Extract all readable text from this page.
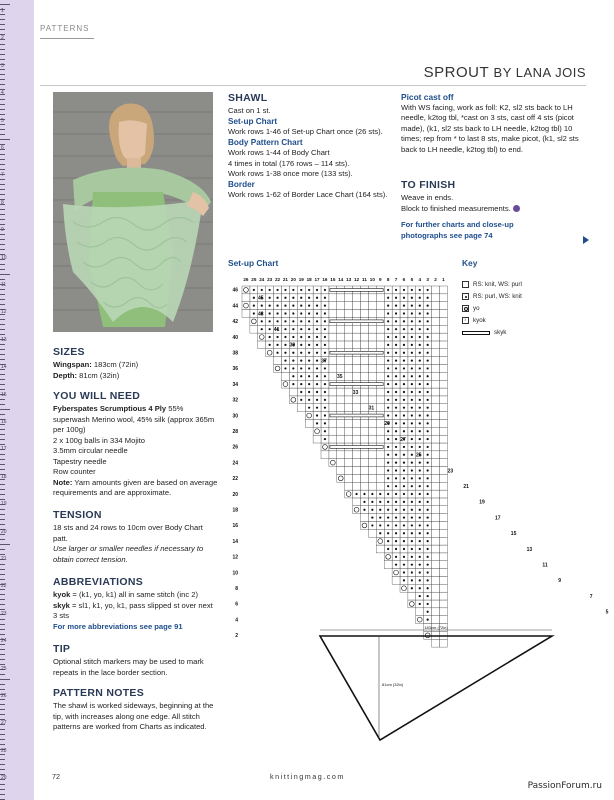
1
2
3
4
5
6
7
8
9
10
11
12
13
14
15
16
17
18
19
20
21
22
23
24
25
26
27
28
29
PATTERNS
SPROUT BY LANA JOIS
SIZES

Wingspan: 183cm (72in)

Depth: 81cm (32in)

YOU WILL NEED

Fyberspates Scrumptious 4 Ply 55% superwash Merino wool, 45% silk (approx 365m per 100g)

2 x 100g balls in 334 Mojito

3.5mm circular needle

Tapestry needle

Row counter

Note: Yarn amounts given are based on average requirements and are approximate.

TENSION

18 sts and 24 rows to 10cm over Body Chart patt.

Use larger or smaller needles if necessary to obtain correct tension.

ABBREVIATIONS

kyok = (k1, yo, k1) all in same stitch (inc 2)

skyk = sl1, k1, yo, k1, pass slipped st over next 3 sts

For more abbreviations see page 91

TIP

Optional stitch markers may be used to mark repeats in the lace border section.

PATTERN NOTES

The shawl is worked sideways, beginning at the tip, with increases along one edge. All stitch patterns are worked from Charts as indicated.

SHAWL

Cast on 1 st.

Set-up Chart

Work rows 1-46 of Set-up Chart once (26 sts).

Body Pattern Chart

Work rows 1-44 of Body Chart

4 times in total (176 rows – 114 sts).

Work rows 1-38 once more (133 sts).

Border

Work rows 1-62 of Border Lace Chart (164 sts).

Picot cast off

With WS facing, work as foll: K2, sl2 sts back to LH needle, k2tog tbl, *cast on 3 sts, cast off 4 sts (picot made), (k1, sl2 sts back to LH needle, k2tog tbl) 10 times; rep from * to last 8 sts, make picot, (k1, sl2 sts back to LH needle, k2tog tbl) to end.

TO FINISH

Weave in ends.

Block to finished measurements.

For further charts and close-up photographs see page 74

Set-up Chart
26 25 24 23 22 21 20 19 18 17 16 15 14 13 12 11 10 9 8 7 6 5 4 3 2 1
46
44
42
40
38
36
34
32
30
28
26
24
22
20
18
16
14
12
10
8
6
4
2
45
43
41
39
37
35
33
31
29
27
25
23
21
19
17
15
13
11
9
7
5
Key
RS: knit, WS: purl
RS: purl, WS: knit
yo
♁ kyok
skyk
183cm (72in)
81cm (32in)
72	knittingmag.com
PassionForum.ru
